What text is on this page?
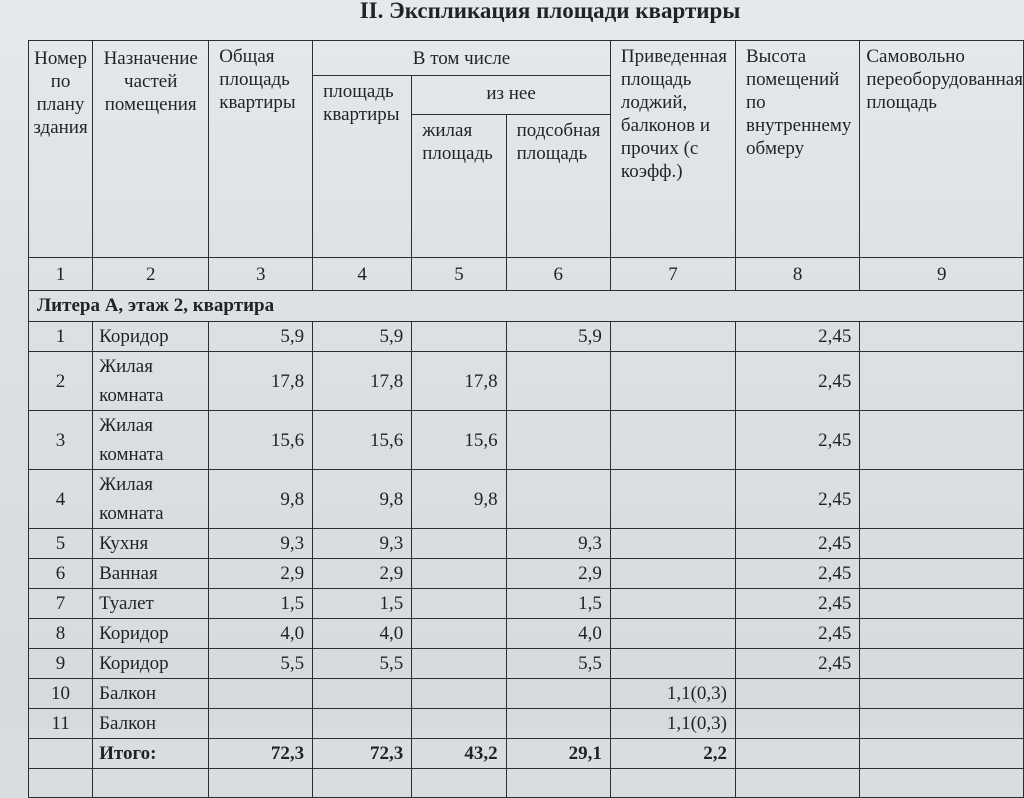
II. Экспликация площади квартиры
Номер по плану здания	Назначение частей помещения	Общая площадь квартиры	В том числе			Приведенная площадь лоджий, балконов и прочих (с коэфф.)	Высота помещений по внутреннему обмеру	Самовольно переоборудованная площадь
			площадь квартиры	из нее				
				жилая площадь	подсобная площадь			
1	2	3	4	5	6	7	8	9
Литера А, этаж 2, квартира								
1	Коридор	5,9	5,9		5,9		2,45	
2	Жилая комната	17,8	17,8	17,8			2,45	
3	Жилая комната	15,6	15,6	15,6			2,45	
4	Жилая комната	9,8	9,8	9,8			2,45	
5	Кухня	9,3	9,3		9,3		2,45	
6	Ванная	2,9	2,9		2,9		2,45	
7	Туалет	1,5	1,5		1,5		2,45	
8	Коридор	4,0	4,0		4,0		2,45	
9	Коридор	5,5	5,5		5,5		2,45	
10	Балкон					1,1(0,3)		
11	Балкон					1,1(0,3)		
	Итого:	72,3	72,3	43,2	29,1	2,2		
